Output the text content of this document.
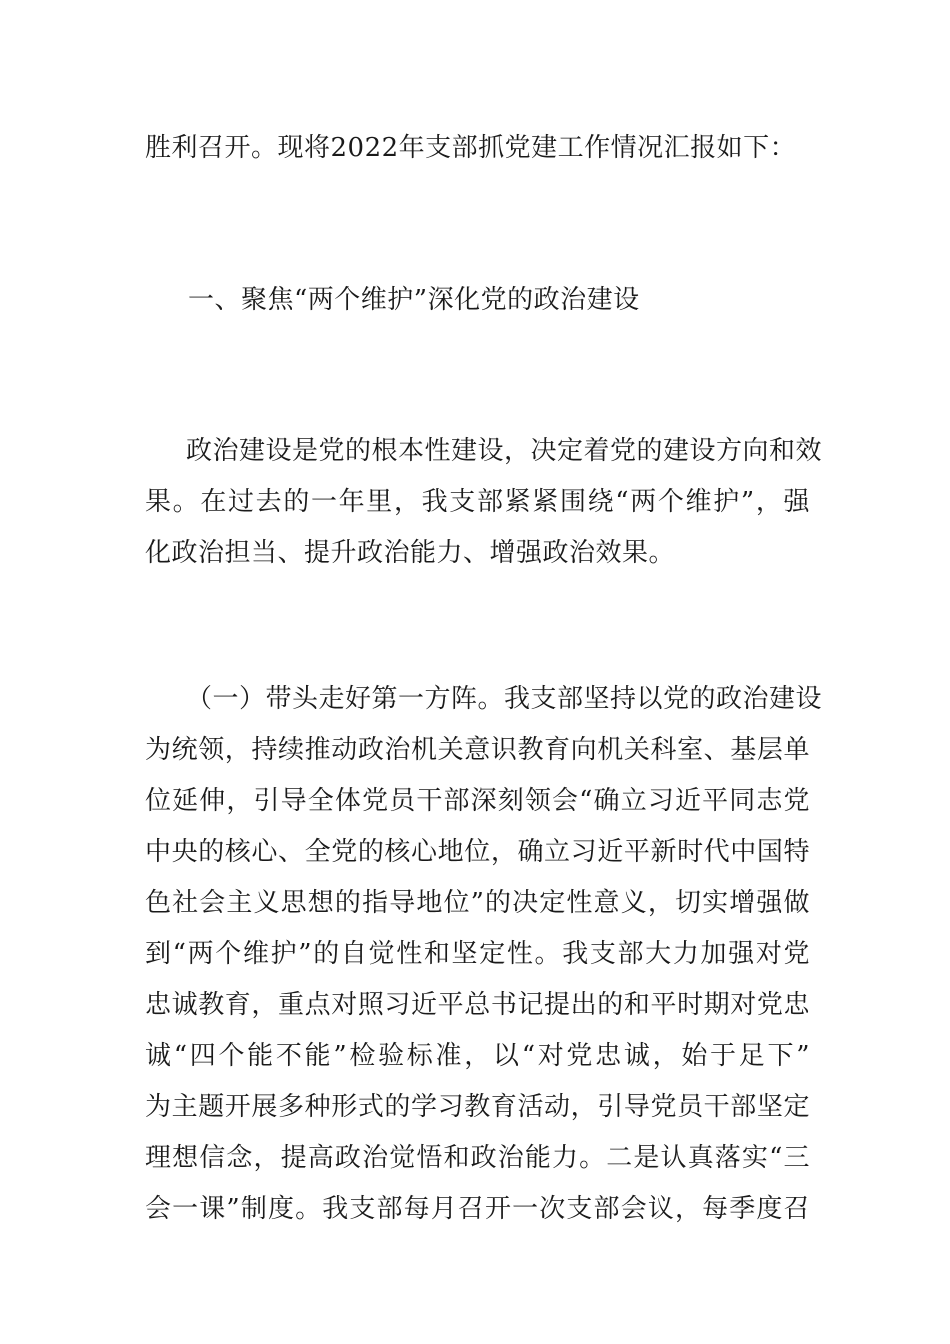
胜利召开。现将2022年支部抓党建工作情况汇报如下：
一、聚焦“两个维护”深化党的政治建设
政治建设是党的根本性建设，决定着党的建设方向和效
果。在过去的一年里，我支部紧紧围绕“两个维护”，强
化政治担当、提升政治能力、增强政治效果。
（一）带头走好第一方阵。我支部坚持以党的政治建设
为统领，持续推动政治机关意识教育向机关科室、基层单
位延伸，引导全体党员干部深刻领会“确立习近平同志党
中央的核心、全党的核心地位，确立习近平新时代中国特
色社会主义思想的指导地位”的决定性意义，切实增强做
到“两个维护”的自觉性和坚定性。我支部大力加强对党
忠诚教育，重点对照习近平总书记提出的和平时期对党忠
诚“四个能不能”检验标准，以“对党忠诚，始于足下”
为主题开展多种形式的学习教育活动，引导党员干部坚定
理想信念，提高政治觉悟和政治能力。二是认真落实“三
会一课”制度。我支部每月召开一次支部会议，每季度召
